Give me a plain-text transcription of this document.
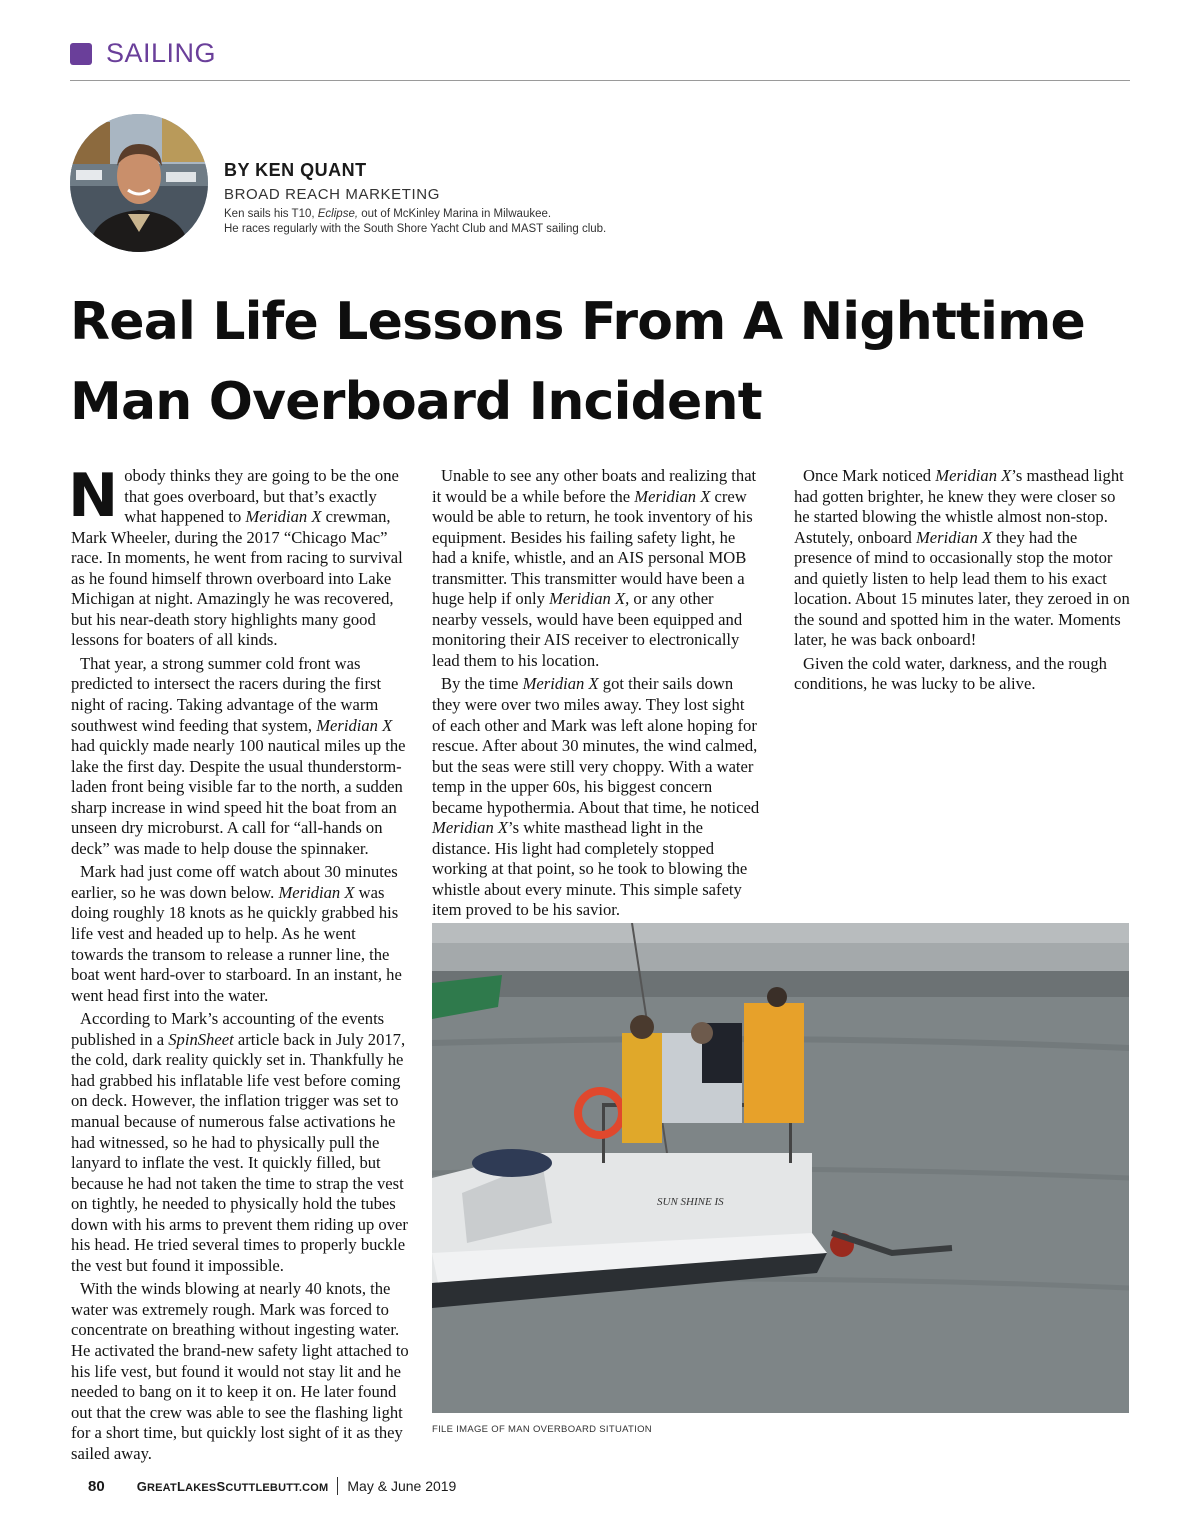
SAILING
BY KEN QUANT
BROAD REACH MARKETING
Ken sails his T10, Eclipse, out of McKinley Marina in Milwaukee.
He races regularly with the South Shore Yacht Club and MAST sailing club.
Real Life Lessons From A Nighttime Man Overboard Incident

Nobody thinks they are going to be the one that goes overboard, but that’s exactly what happened to Meridian X crewman, Mark Wheeler, during the 2017 “Chicago Mac” race. In moments, he went from racing to survival as he found himself thrown overboard into Lake Michigan at night. Amazingly he was recovered, but his near-death story highlights many good lessons for boaters of all kinds.

That year, a strong summer cold front was predicted to intersect the racers during the first night of racing. Taking advantage of the warm southwest wind feeding that system, Meridian X had quickly made nearly 100 nautical miles up the lake the first day. Despite the usual thunderstorm-laden front being visible far to the north, a sudden sharp increase in wind speed hit the boat from an unseen dry microburst. A call for “all-hands on deck” was made to help douse the spinnaker.

Mark had just come off watch about 30 minutes earlier, so he was down below. Meridian X was doing roughly 18 knots as he quickly grabbed his life vest and headed up to help. As he went towards the transom to release a runner line, the boat went hard-over to starboard. In an instant, he went head first into the water.

According to Mark’s accounting of the events published in a SpinSheet article back in July 2017, the cold, dark reality quickly set in. Thankfully he had grabbed his inflatable life vest before coming on deck. However, the inflation trigger was set to manual because of numerous false activations he had witnessed, so he had to physically pull the lanyard to inflate the vest. It quickly filled, but because he had not taken the time to strap the vest on tightly, he needed to physically hold the tubes down with his arms to prevent them riding up over his head. He tried several times to properly buckle the vest but found it impossible.

With the winds blowing at nearly 40 knots, the water was extremely rough. Mark was forced to concentrate on breathing without ingesting water. He activated the brand-new safety light attached to his life vest, but found it would not stay lit and he needed to bang on it to keep it on. He later found out that the crew was able to see the flashing light for a short time, but quickly lost sight of it as they sailed away.

Unable to see any other boats and realizing that it would be a while before the Meridian X crew would be able to return, he took inventory of his equipment. Besides his failing safety light, he had a knife, whistle, and an AIS personal MOB transmitter. This transmitter would have been a huge help if only Meridian X, or any other nearby vessels, would have been equipped and monitoring their AIS receiver to electronically lead them to his location.

By the time Meridian X got their sails down they were over two miles away. They lost sight of each other and Mark was left alone hoping for rescue. After about 30 minutes, the wind calmed, but the seas were still very choppy. With a water temp in the upper 60s, his biggest concern became hypothermia. About that time, he noticed Meridian X’s white masthead light in the distance. His light had completely stopped working at that point, so he took to blowing the whistle about every minute. This simple safety item proved to be his savior.

Once Mark noticed Meridian X’s masthead light had gotten brighter, he knew they were closer so he started blowing the whistle almost non-stop. Astutely, onboard Meridian X they had the presence of mind to occasionally stop the motor and quietly listen to help lead them to his exact location. About 15 minutes later, they zeroed in on the sound and spotted him in the water. Moments later, he was back onboard!

Given the cold water, darkness, and the rough conditions, he was lucky to be alive.

SUN SHINE IS
FILE IMAGE OF MAN OVERBOARD SITUATION
80 GREATLAKESSCUTTLEBUTT.COM May & June 2019
